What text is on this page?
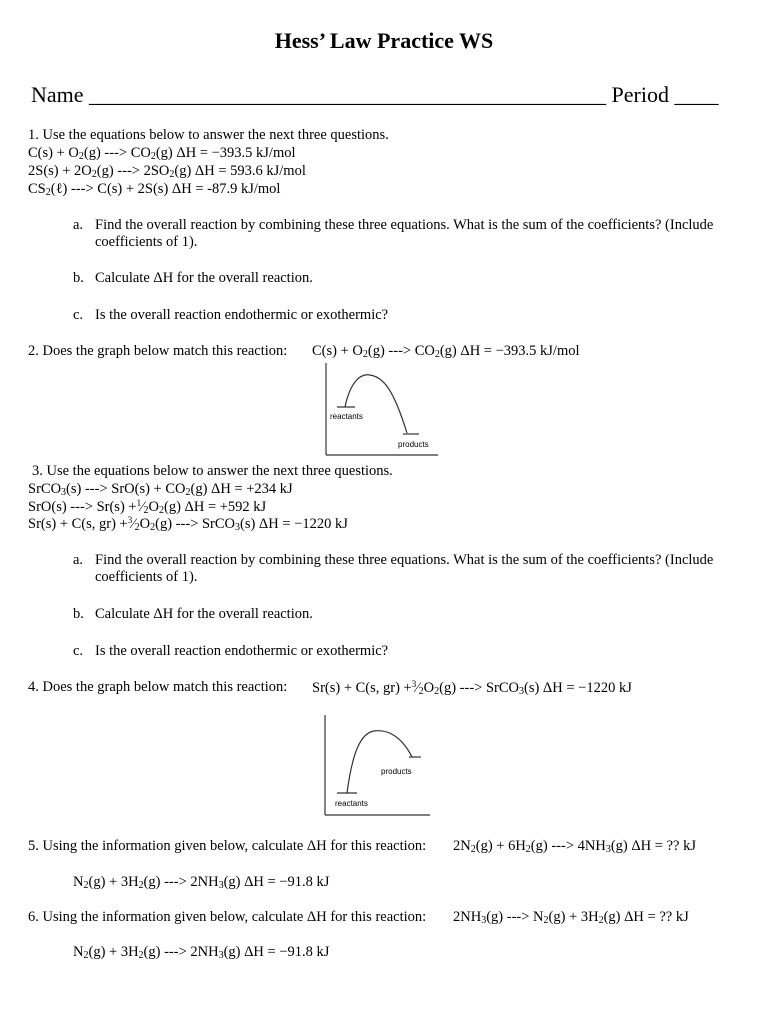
Hess’ Law Practice WS
Name _______________________________________________ Period ____
1. Use the equations below to answer the next three questions.
$C(s) + O_2(g)$ ---> $CO_2(g) \Delta H = -393.5$ kJ/mol
$2S(s) + 2O_2(g)$ ---> $2SO_2(g) \Delta H = 593.6$ kJ/mol
$CS_2(\ell)$ ---> C(s) + 2S(s) ΔH = -87.9 kJ/mol
a. Find the overall reaction by combining these three equations. What is the sum of the coefficients? (Include coefficients of 1).
b. Calculate ΔH for the overall reaction.
c. Is the overall reaction endothermic or exothermic?
2. Does the graph below match this reaction: $C(s) + O_2(g)$ ---> $CO_2(g) \Delta H = -393.5$ kJ/mol
reactants
products
3. Use the equations below to answer the next three questions.
SrCO$_3$(s) ---> $SrO(s) + CO_2(g) \Delta H = +234$ kJ
SrO(s) ---> $Sr(s) +^1⁄_2O_2(g) \Delta H = +592$ kJ
Sr(s) + C(s, $gr) +^3⁄_2O_2(g)$ ---> SrCO$_3$(s) ΔH = −1220 kJ
a. Find the overall reaction by combining these three equations. What is the sum of the coefficients? (Include coefficients of 1).
b. Calculate ΔH for the overall reaction.
c. Is the overall reaction endothermic or exothermic?
4. Does the graph below match this reaction: Sr(s) + C(s, $gr) +^3⁄_2O_2(g)$ ---> SrCO$_3$(s) ΔH = −1220 kJ
products
reactants
5. Using the information given below, calculate ΔH for this reaction: $2N_2(g) + 6H_2(g)$ ---> $4NH_3(g) \Delta H$ = ?? kJ
$N_2(g) + 3H_2(g)$ ---> $2NH_3(g) \Delta H = -91.8$ kJ
6. Using the information given below, calculate ΔH for this reaction: $2NH_3(g)$ ---> $N_2(g) + 3H_2(g) \Delta H$ = ?? kJ
$N_2(g) + 3H_2(g)$ ---> $2NH_3(g) \Delta H = -91.8$ kJ
